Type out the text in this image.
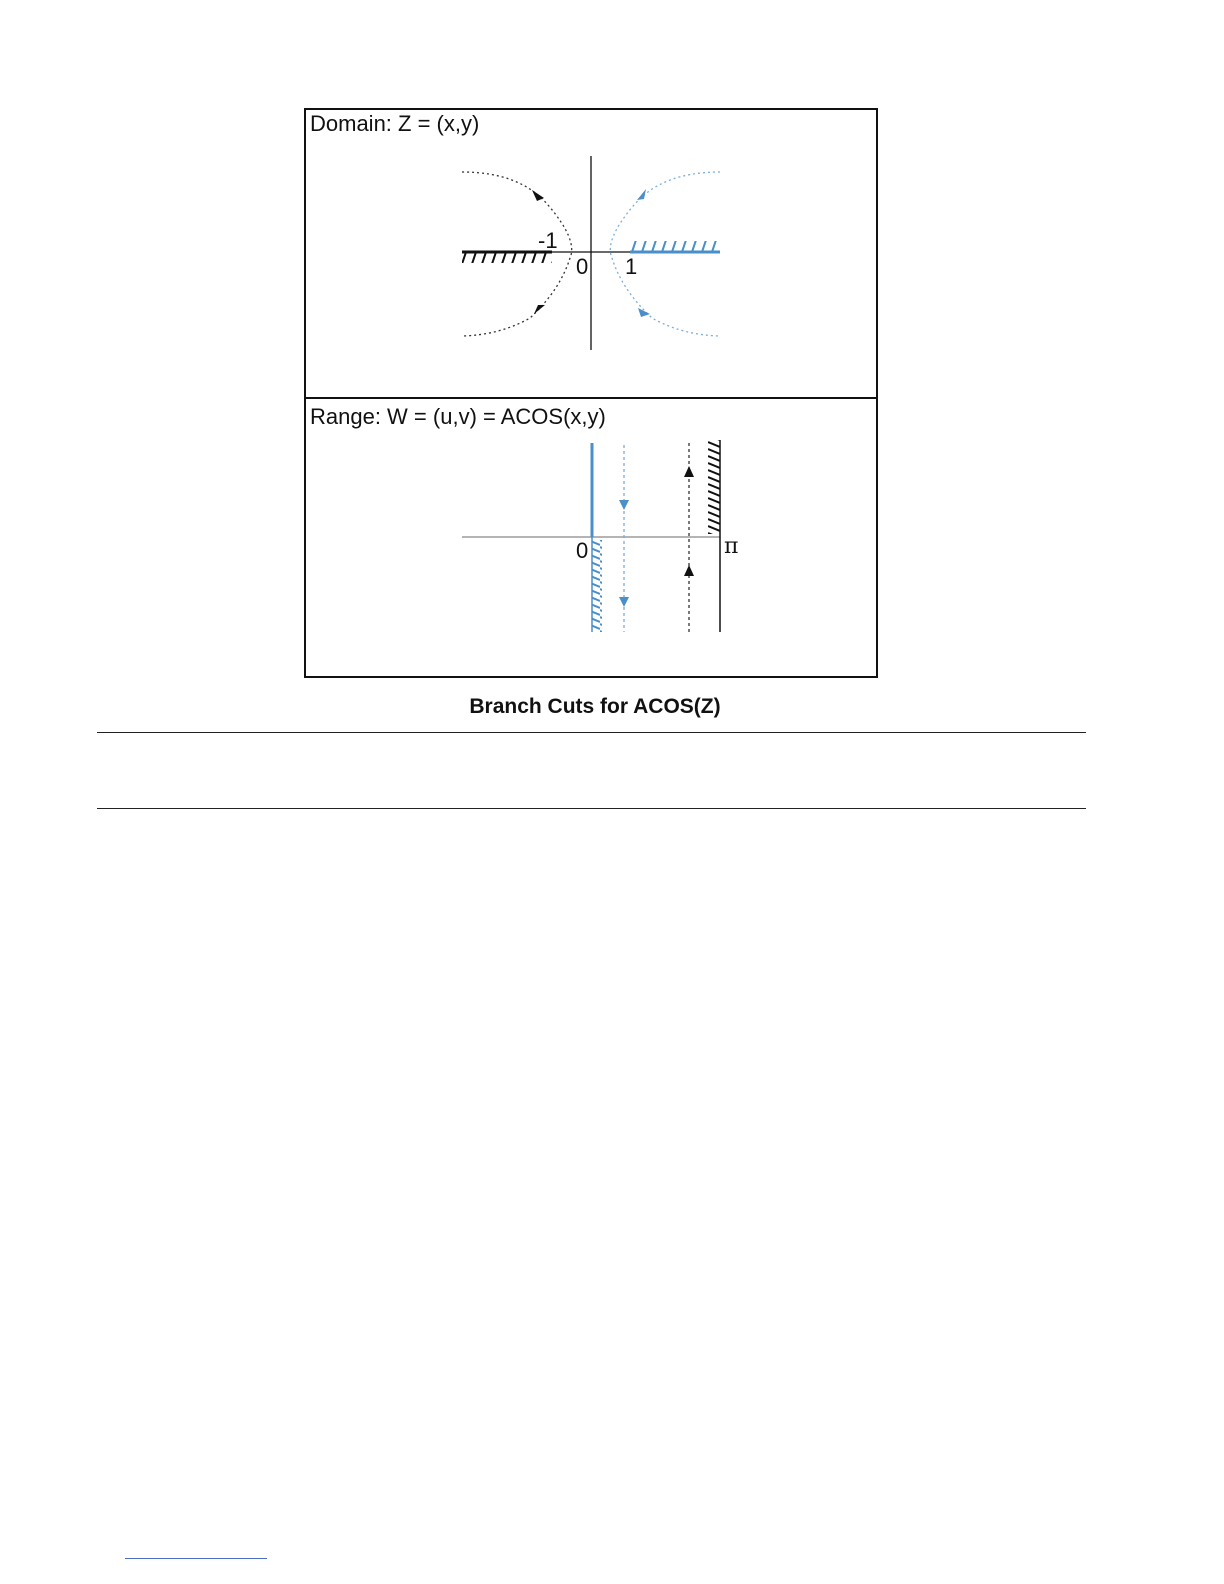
Domain: Z = (x,y)
-1
0 1
Range: W = (u,v) = ACOS(x,y)
0	π
Branch Cuts for ACOS(Z)
